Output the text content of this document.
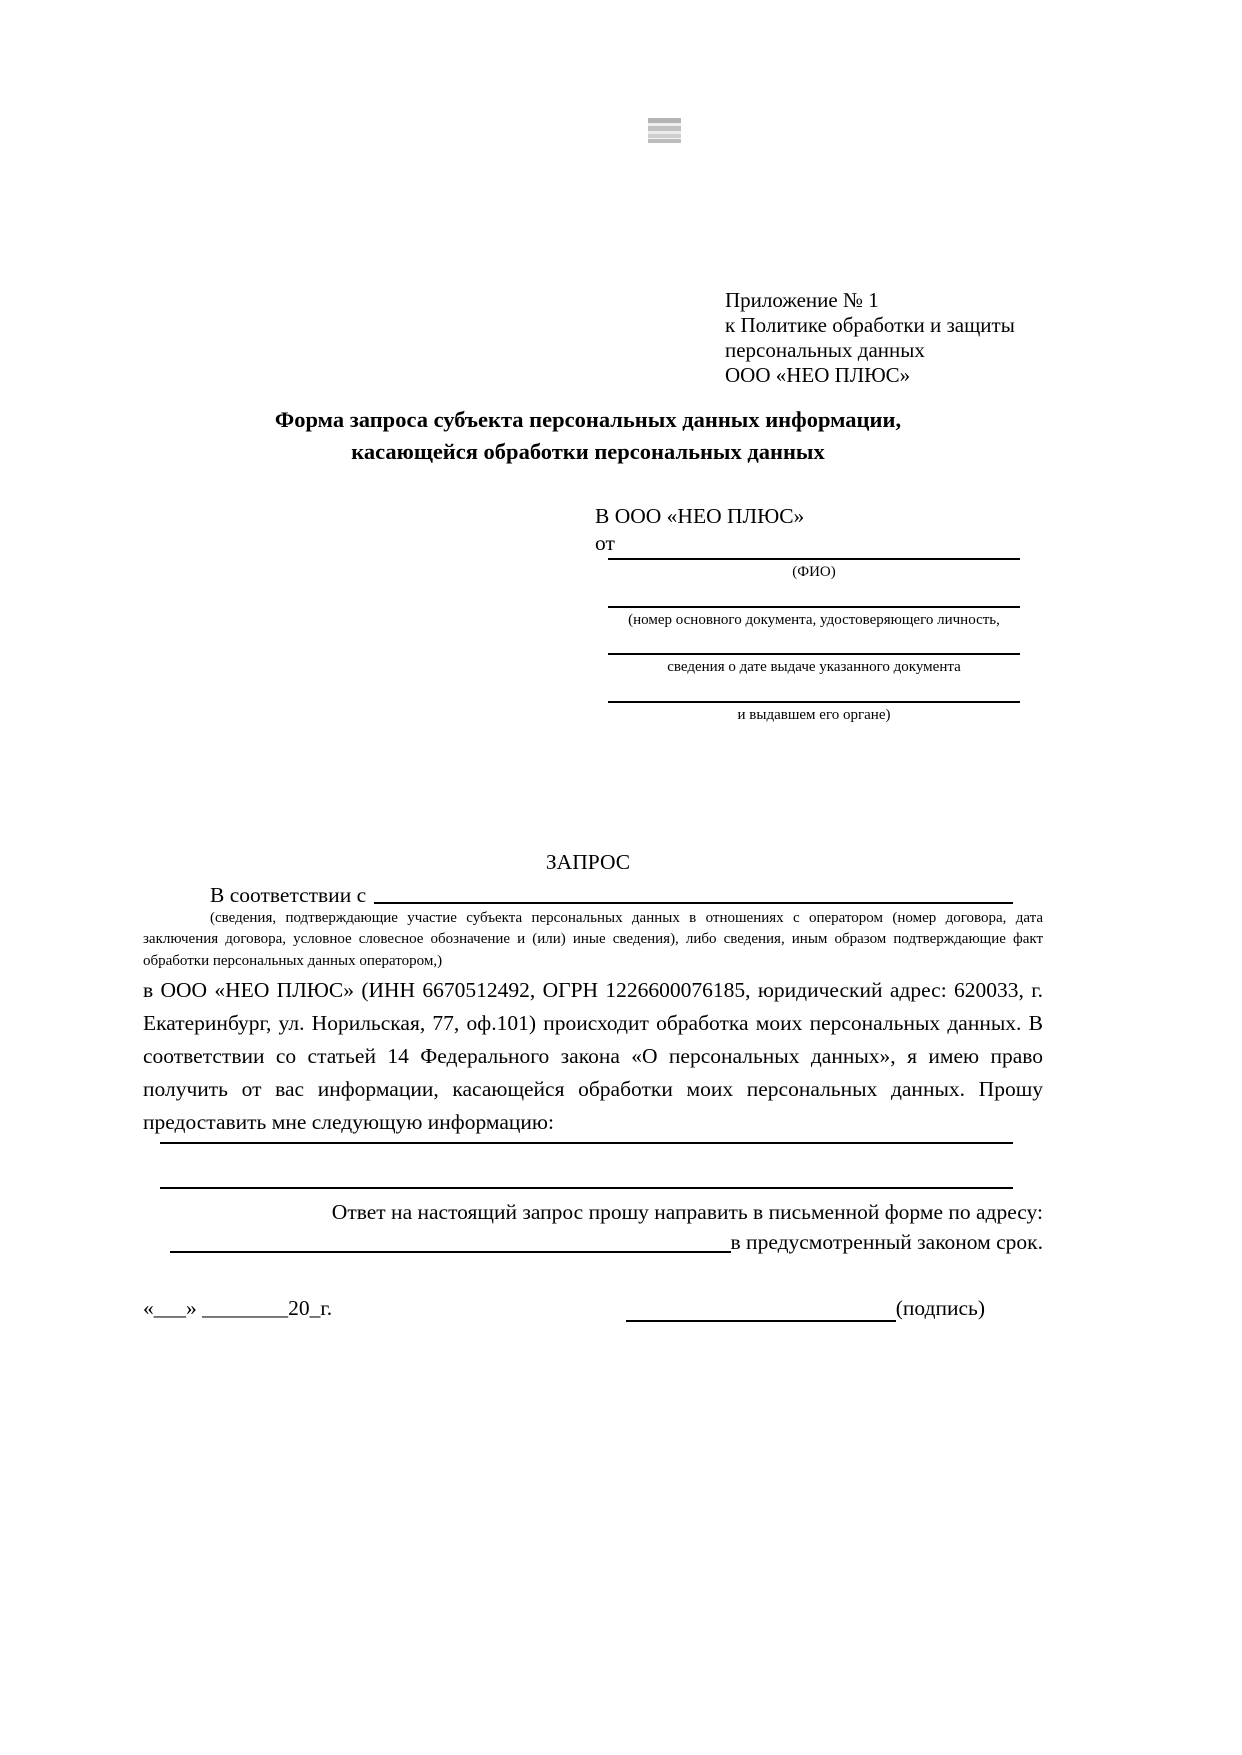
Приложение № 1
к Политике обработки и защиты
персональных данных
ООО «НЕО ПЛЮС»
Форма запроса субъекта персональных данных информации,
касающейся обработки персональных данных
В ООО «НЕО ПЛЮС»
от
(ФИО)
(номер основного документа, удостоверяющего личность,
сведения о дате выдаче указанного документа
и выдавшем его органе)
ЗАПРОС
В соответствии с

(сведения, подтверждающие участие субъекта персональных данных в отношениях с оператором (номер договора, дата заключения договора, условное словесное обозначение и (или) иные сведения), либо сведения, иным образом подтверждающие факт обработки персональных данных оператором,)

в ООО «НЕО ПЛЮС» (ИНН 6670512492, ОГРН 1226600076185, юридический адрес: 620033, г. Екатеринбург, ул. Норильская, 77, оф.101) происходит обработка моих персональных данных. В соответствии со статьей 14 Федерального закона «О персональных данных», я имею право получить от вас информации, касающейся обработки моих персональных данных. Прошу предоставить мне следующую информацию:

Ответ на настоящий запрос прошу направить в письменной форме по адресу:
в предусмотренный законом срок.
«___» ________20_г.	(подпись)
